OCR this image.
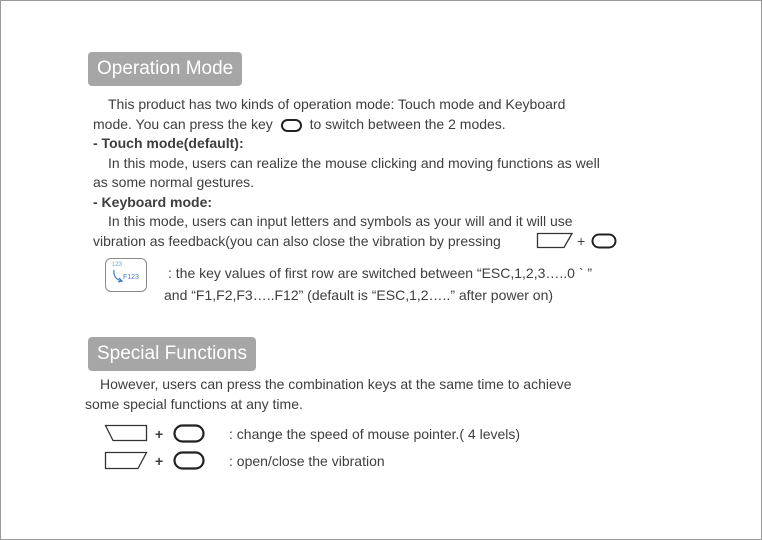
Operation Mode
This product has two kinds of operation mode: Touch mode and Keyboard
mode. You can press the key	to switch between the 2 modes.
- Touch mode(default):
In this mode, users can realize the mouse clicking and moving functions as well
as some normal gestures.
- Keyboard mode:
In this mode, users can input letters and symbols as your will and it will use
vibration as feedback(you can also close the vibration by pressing	+
123
F123 : the key values of first row are switched between “ESC,1,2,3…..0 ` ”
and “F1,F2,F3…..F12” (default is “ESC,1,2…..” after power on)
Special Functions
However, users can press the combination keys at the same time to achieve
some special functions at any time.
+	: change the speed of mouse pointer.( 4 levels)
+	: open/close the vibration
